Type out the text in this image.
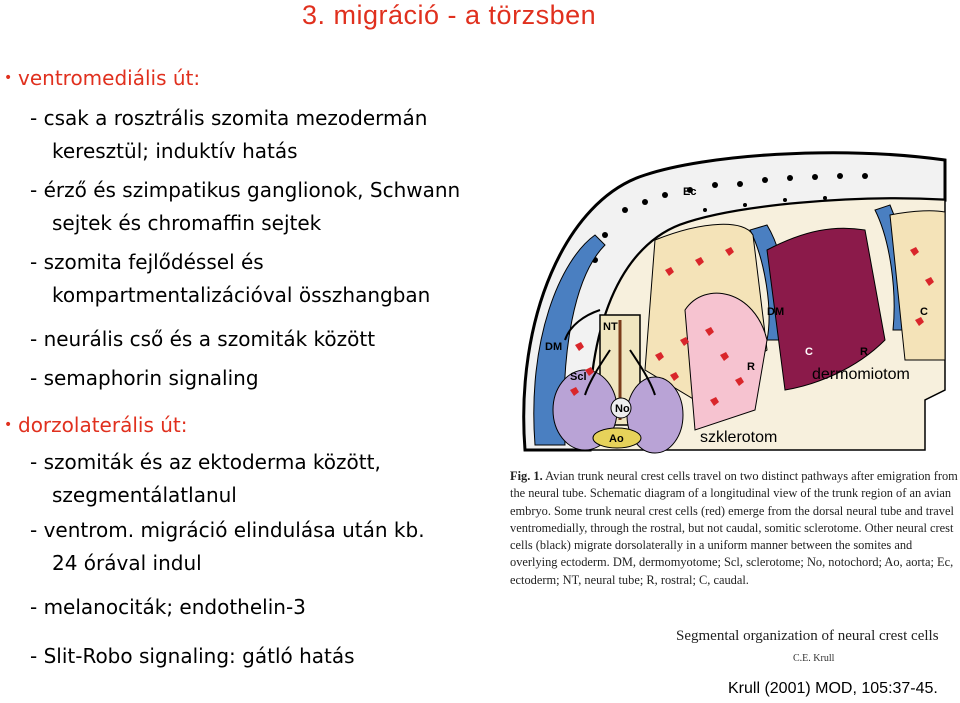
3. migráció - a törzsben
• ventromediális út:
- csak a rosztrális szomita mezodermán
keresztül; induktív hatás
- érző és szimpatikus ganglionok, Schwann
sejtek és chromaffin sejtek
- szomita fejlődéssel és
kompartmentalizációval összhangban
- neurális cső és a szomiták között
- semaphorin signaling
• dorzolaterális út:
- szomiták és az ektoderma között,
szegmentálatlanul
- ventrom. migráció elindulása után kb.
24 órával indul
- melanociták; endothelin-3
- Slit-Robo signaling: gátló hatás
Ec
DM
DM
NT
Scl
No
Ao
R
C	R
C
dermomiotom
szklerotom
Fig. 1. Avian trunk neural crest cells travel on two distinct pathways after emigration from the neural tube. Schematic diagram of a longitudinal view of the trunk region of an avian embryo. Some trunk neural crest cells (red) emerge from the dorsal neural tube and travel ventromedially, through the rostral, but not caudal, somitic sclerotome. Other neural crest cells (black) migrate dorsolaterally in a uniform manner between the somites and overlying ectoderm. DM, dermomyotome; Scl, sclerotome; No, notochord; Ao, aorta; Ec, ectoderm; NT, neural tube; R, rostral; C, caudal.
Segmental organization of neural crest cells
C.E. Krull
Krull (2001) MOD, 105:37-45.
